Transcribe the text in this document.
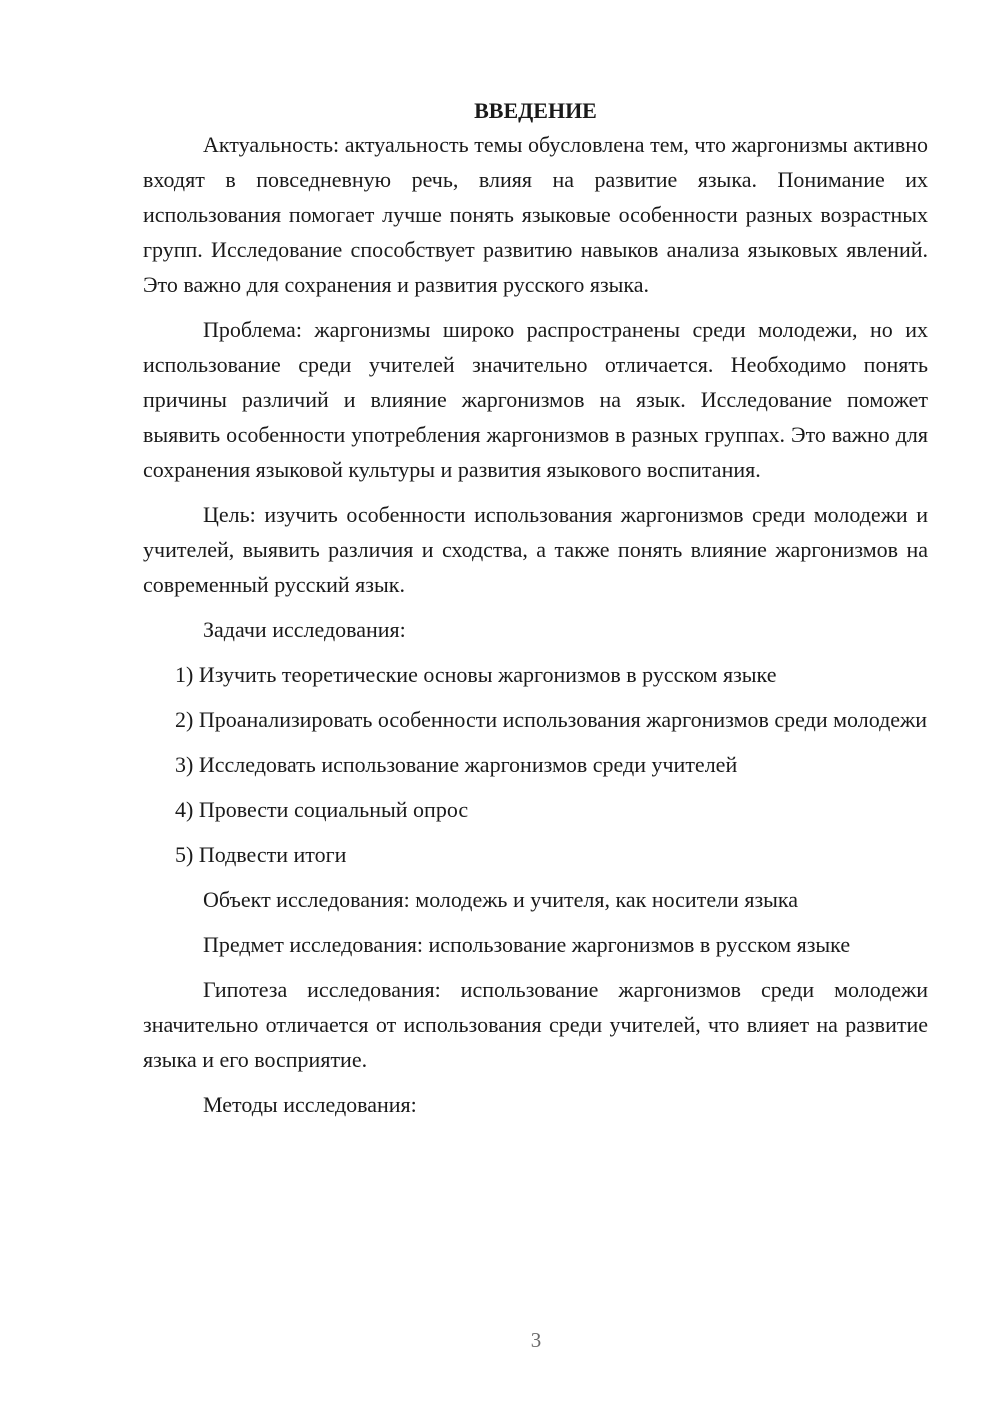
ВВЕДЕНИЕ

Актуальность: актуальность темы обусловлена тем, что жаргонизмы активно входят в повседневную речь, влияя на развитие языка. Понимание их использования помогает лучше понять языковые особенности разных возрастных групп. Исследование способствует развитию навыков анализа языковых явлений. Это важно для сохранения и развития русского языка.

Проблема: жаргонизмы широко распространены среди молодежи, но их использование среди учителей значительно отличается. Необходимо понять причины различий и влияние жаргонизмов на язык. Исследование поможет выявить особенности употребления жаргонизмов в разных группах. Это важно для сохранения языковой культуры и развития языкового воспитания.

Цель: изучить особенности использования жаргонизмов среди молодежи и учителей, выявить различия и сходства, а также понять влияние жаргонизмов на современный русский язык.

Задачи исследования:

1) Изучить теоретические основы жаргонизмов в русском языке

2) Проанализировать особенности использования жаргонизмов среди молодежи

3) Исследовать использование жаргонизмов среди учителей

4) Провести социальный опрос

5) Подвести итоги

Объект исследования: молодежь и учителя, как носители языка

Предмет исследования: использование жаргонизмов в русском языке

Гипотеза исследования: использование жаргонизмов среди молодежи значительно отличается от использования среди учителей, что влияет на развитие языка и его восприятие.

Методы исследования:

3
